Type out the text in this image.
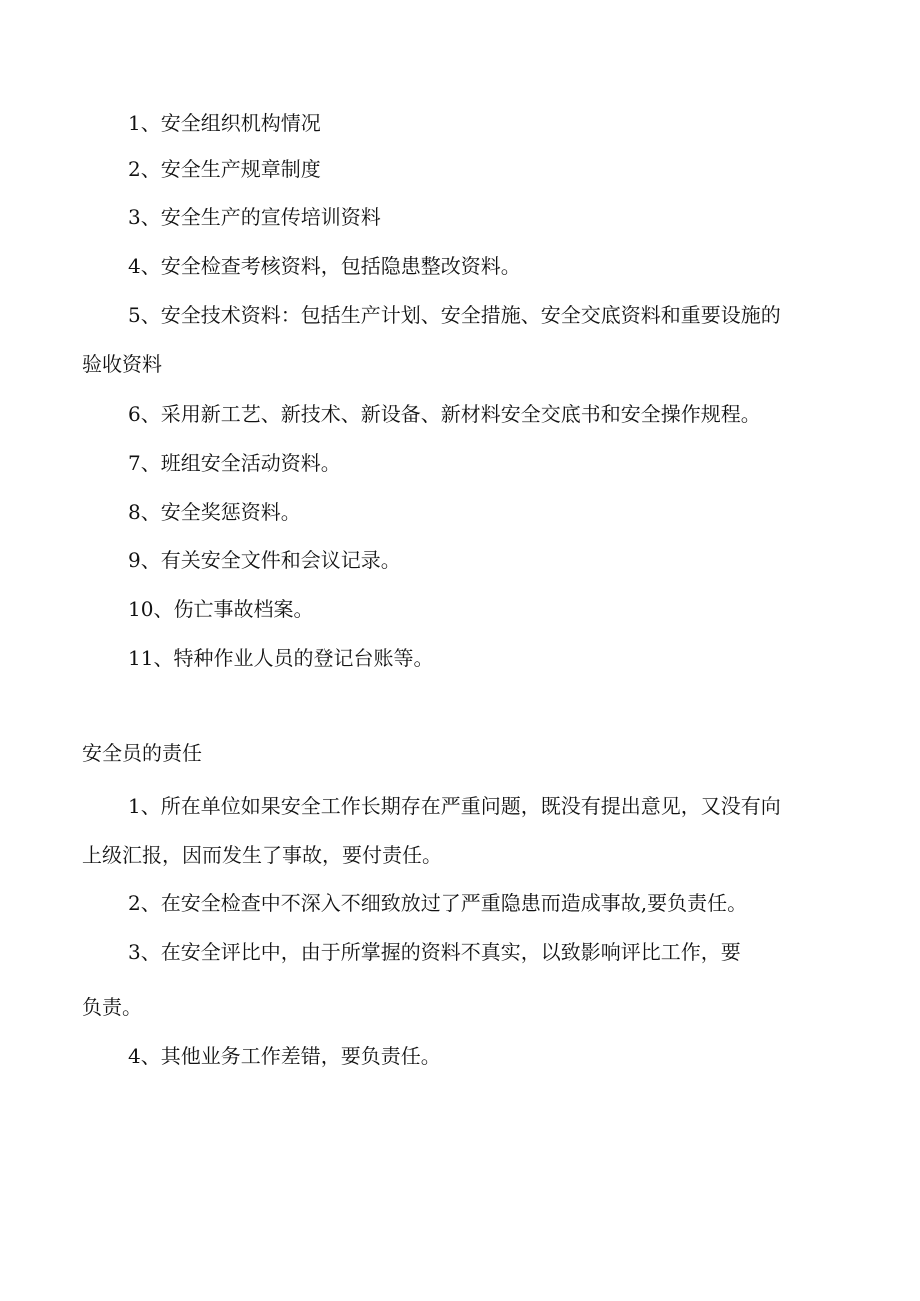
1、安全组织机构情况
2、安全生产规章制度
3、安全生产的宣传培训资料
4、安全检查考核资料，包括隐患整改资料。
5、安全技术资料：包括生产计划、安全措施、安全交底资料和重要设施的
验收资料
6、采用新工艺、新技术、新设备、新材料安全交底书和安全操作规程。
7、班组安全活动资料。
8、安全奖惩资料。
9、有关安全文件和会议记录。
10、伤亡事故档案。
11、特种作业人员的登记台账等。
安全员的责任
1、所在单位如果安全工作长期存在严重问题，既没有提出意见，又没有向
上级汇报，因而发生了事故，要付责任。
2、在安全检查中不深入不细致放过了严重隐患而造成事故,要负责任。
3、在安全评比中，由于所掌握的资料不真实，以致影响评比工作，要
负责。
4、其他业务工作差错，要负责任。
